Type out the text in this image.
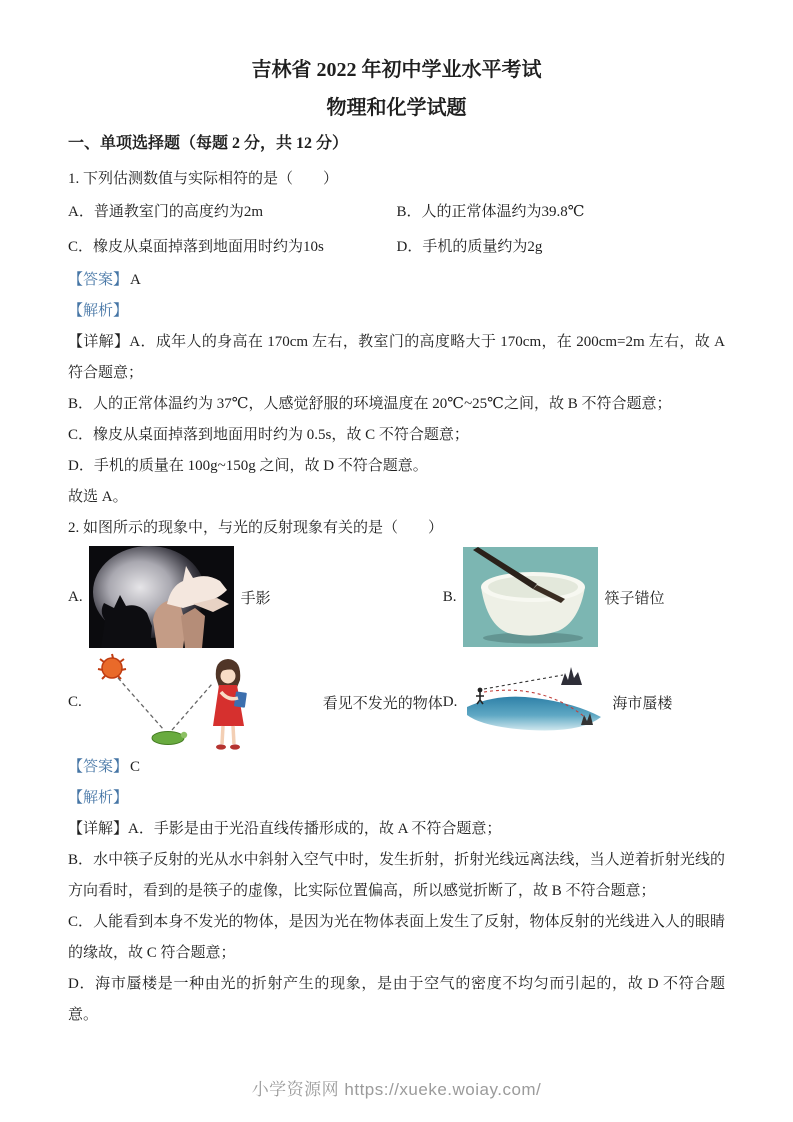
吉林省 2022 年初中学业水平考试
物理和化学试题

一、单项选择题（每题 2 分，共 12 分）

1. 下列估测数值与实际相符的是（　　）

A．普通教室门的高度约为2m	B．人的正常体温约为39.8℃

C．橡皮从桌面掉落到地面用时约为10s	D．手机的质量约为2g

【答案】 A

【解析】

【详解】A．成年人的身高在 170cm 左右，教室门的高度略大于 170cm，在 200cm=2m 左右，故 A 符合题意；

B．人的正常体温约为 37℃，人感觉舒服的环境温度在 20℃~25℃之间，故 B 不符合题意；

C．橡皮从桌面掉落到地面用时约为 0.5s，故 C 不符合题意；

D．手机的质量在 100g~150g 之间，故 D 不符合题意。

故选 A。

2. 如图所示的现象中，与光的反射现象有关的是（　　）

A.	手影	B.	筷子错位
C.	看见不发光的物体 D.	海市蜃楼

【答案】 C

【解析】

【详解】A．手影是由于光沿直线传播形成的，故 A 不符合题意；

B．水中筷子反射的光从水中斜射入空气中时，发生折射，折射光线远离法线，当人逆着折射光线的方向看时，看到的是筷子的虚像，比实际位置偏高，所以感觉折断了，故 B 不符合题意；

C．人能看到本身不发光的物体，是因为光在物体表面上发生了反射，物体反射的光线进入人的眼睛的缘故，故 C 符合题意；

D．海市蜃楼是一种由光的折射产生的现象，是由于空气的密度不均匀而引起的，故 D 不符合题意。

小学资源网 https://xueke.woiay.com/
